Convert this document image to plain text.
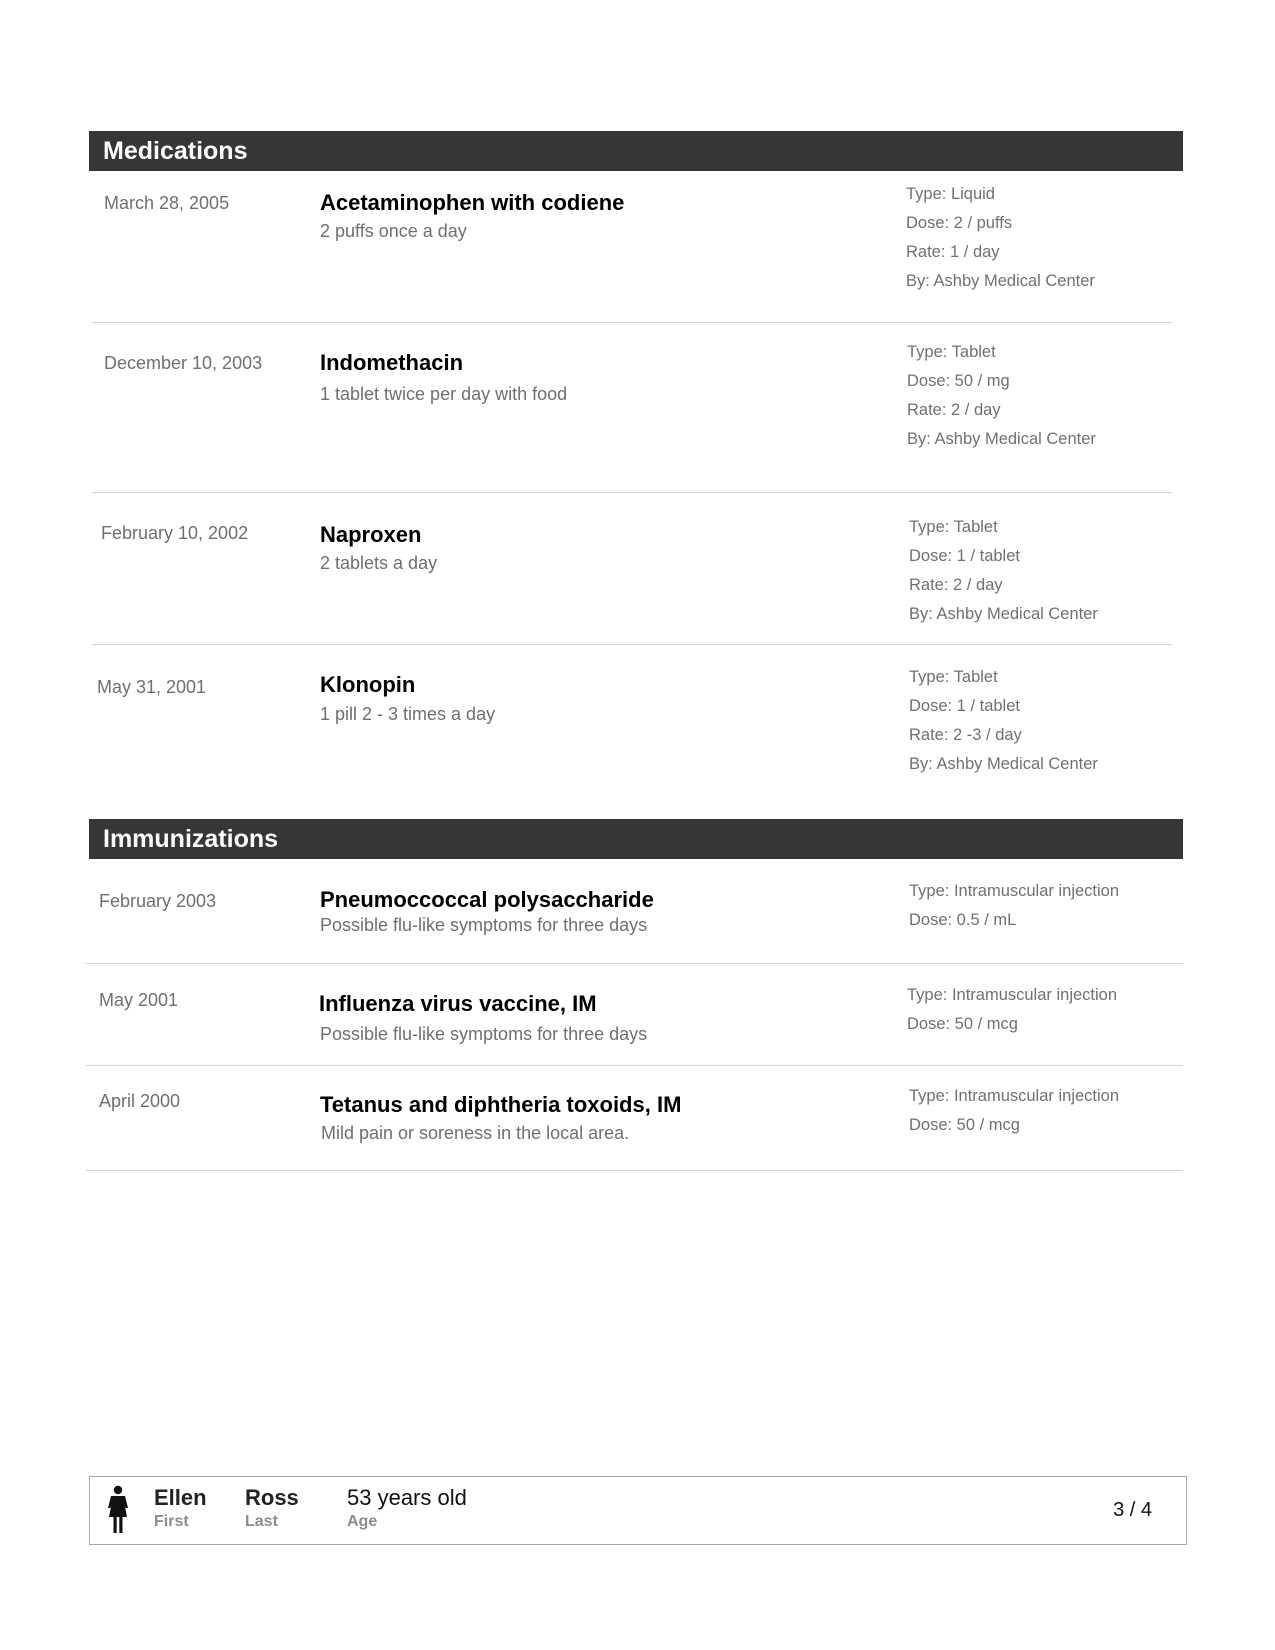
Medications
March 28, 2005	Acetaminophen with codiene
2 puffs once a day
Type: Liquid
Dose: 2 / puffs
Rate: 1 / day
By: Ashby Medical Center
December 10, 2003	Indomethacin
1 tablet twice per day with food
Type: Tablet
Dose: 50 / mg
Rate: 2 / day
By: Ashby Medical Center
February 10, 2002	Naproxen
2 tablets a day
Type: Tablet
Dose: 1 / tablet
Rate: 2 / day
By: Ashby Medical Center
May 31, 2001	Klonopin
1 pill 2 - 3 times a day
Type: Tablet
Dose: 1 / tablet
Rate: 2 -3 / day
By: Ashby Medical Center
Immunizations
February 2003	Pneumoccoccal polysaccharide
Possible flu-like symptoms for three days
Type: Intramuscular injection
Dose: 0.5 / mL
May 2001	Influenza virus vaccine, IM
Possible flu-like symptoms for three days
Type: Intramuscular injection
Dose: 50 / mcg
April 2000	Tetanus and diphtheria toxoids, IM
Mild pain or soreness in the local area.
Type: Intramuscular injection
Dose: 50 / mcg
Ellen
First
Ross
Last
53 years old
Age
3 / 4
